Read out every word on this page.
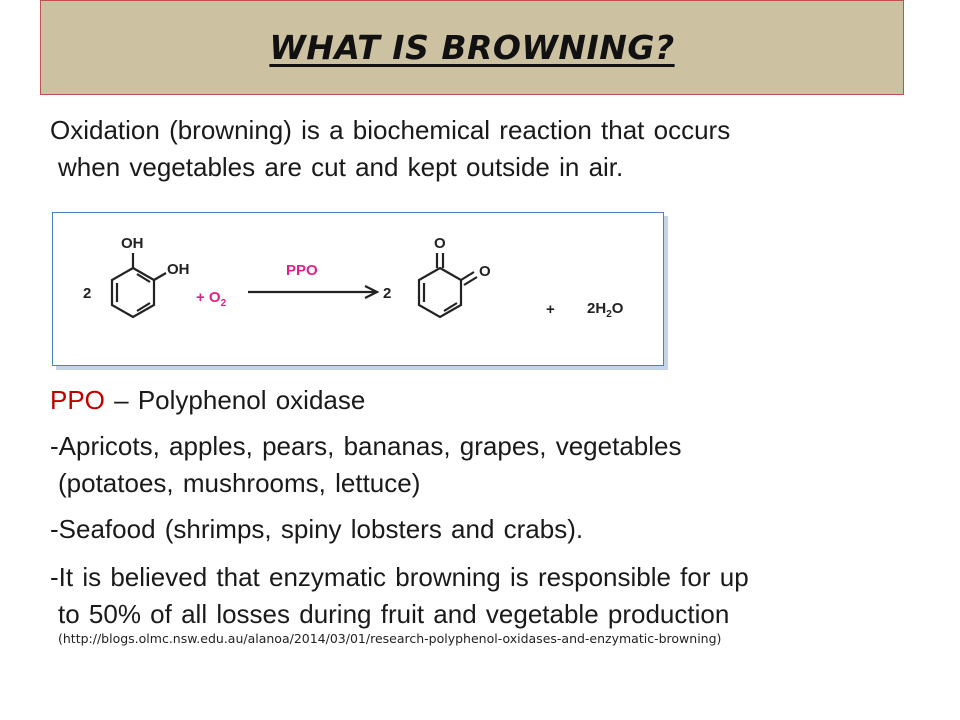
WHAT IS BROWNING?
Oxidation (browning) is a biochemical reaction that occurs
when vegetables are cut and kept outside in air.
2
OH
OH
2
O
O
+ $2H_2O$
PPO
+ $O_2$
PPO – Polyphenol oxidase
-Apricots, apples, pears, bananas, grapes, vegetables
(potatoes, mushrooms, lettuce)
-Seafood (shrimps, spiny lobsters and crabs).
-It is believed that enzymatic browning is responsible for up
to 50% of all losses during fruit and vegetable production
(http://blogs.olmc.nsw.edu.au/alanoa/2014/03/01/research-polyphenol-oxidases-and-enzymatic-browning)
